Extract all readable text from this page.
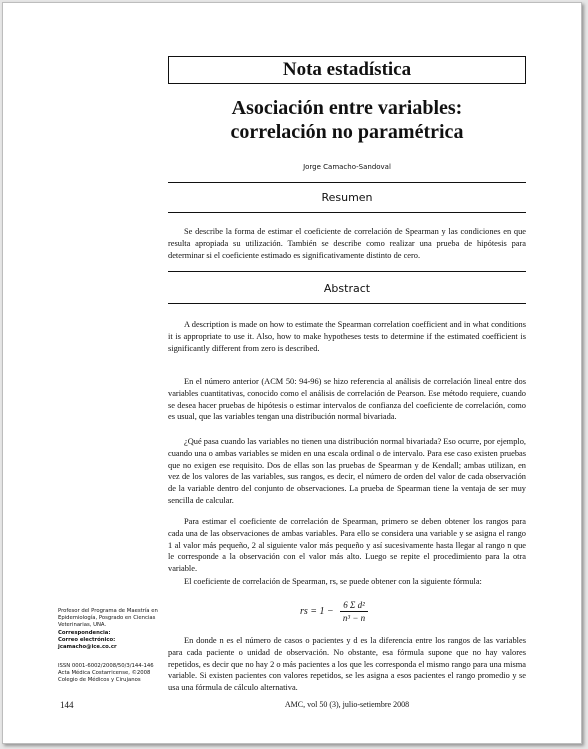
Nota estadística
Asociación entre variables:
correlación no paramétrica
Jorge Camacho-Sandoval
Resumen

Se describe la forma de estimar el coeficiente de correlación de Spearman y las condiciones en que resulta apropiada su utilización. También se describe como realizar una prueba de hipótesis para determinar si el coeficiente estimado es significativamente distinto de cero.

Abstract

A description is made on how to estimate the Spearman correlation coefficient and in what conditions it is appropriate to use it. Also, how to make hypotheses tests to determine if the estimated coefficient is significantly different from zero is described.

En el número anterior (ACM 50: 94-96) se hizo referencia al análisis de correlación lineal entre dos variables cuantitativas, conocido como el análisis de correlación de Pearson. Ese método requiere, cuando se desea hacer pruebas de hipótesis o estimar intervalos de confianza del coeficiente de correlación, como es usual, que las variables tengan una distribución normal bivariada.

¿Qué pasa cuando las variables no tienen una distribución normal bivariada? Eso ocurre, por ejemplo, cuando una o ambas variables se miden en una escala ordinal o de intervalo. Para ese caso existen pruebas que no exigen ese requisito. Dos de ellas son las pruebas de Spearman y de Kendall; ambas utilizan, en vez de los valores de las variables, sus rangos, es decir, el número de orden del valor de cada observación de la variable dentro del conjunto de observaciones. La prueba de Spearman tiene la ventaja de ser muy sencilla de calcular.

Para estimar el coeficiente de correlación de Spearman, primero se deben obtener los rangos para cada una de las observaciones de ambas variables. Para ello se considera una variable y se asigna el rango 1 al valor más pequeño, 2 al siguiente valor más pequeño y así sucesivamente hasta llegar al rango n que le corresponde a la observación con el valor más alto. Luego se repite el procedimiento para la otra variable.

El coeficiente de correlación de Spearman, rs, se puede obtener con la siguiente fórmula:

rs = $1 - \frac{\text{6 Σ d²}}{\text{n³ − n}}$

En donde n es el número de casos o pacientes y d es la diferencia entre los rangos de las variables para cada paciente o unidad de observación. No obstante, esa fórmula supone que no hay valores repetidos, es decir que no hay 2 o más pacientes a los que les corresponda el mismo rango para una misma variable. Si existen pacientes con valores repetidos, se les asigna a esos pacientes el rango promedio y se usa una fórmula de cálculo alternativa.

Profesor del Programa de Maestría en Epidemiología, Posgrado en Ciencias Veterinarias, UNA.
Correspondencia:
Correo electrónico:
jcamacho@ice.co.cr
ISSN 0001-6002/2008/50/3/144-146
Acta Médica Costarricense, ©2008
Colegio de Médicos y Cirujanos
144	AMC, vol 50 (3), julio-setiembre 2008
